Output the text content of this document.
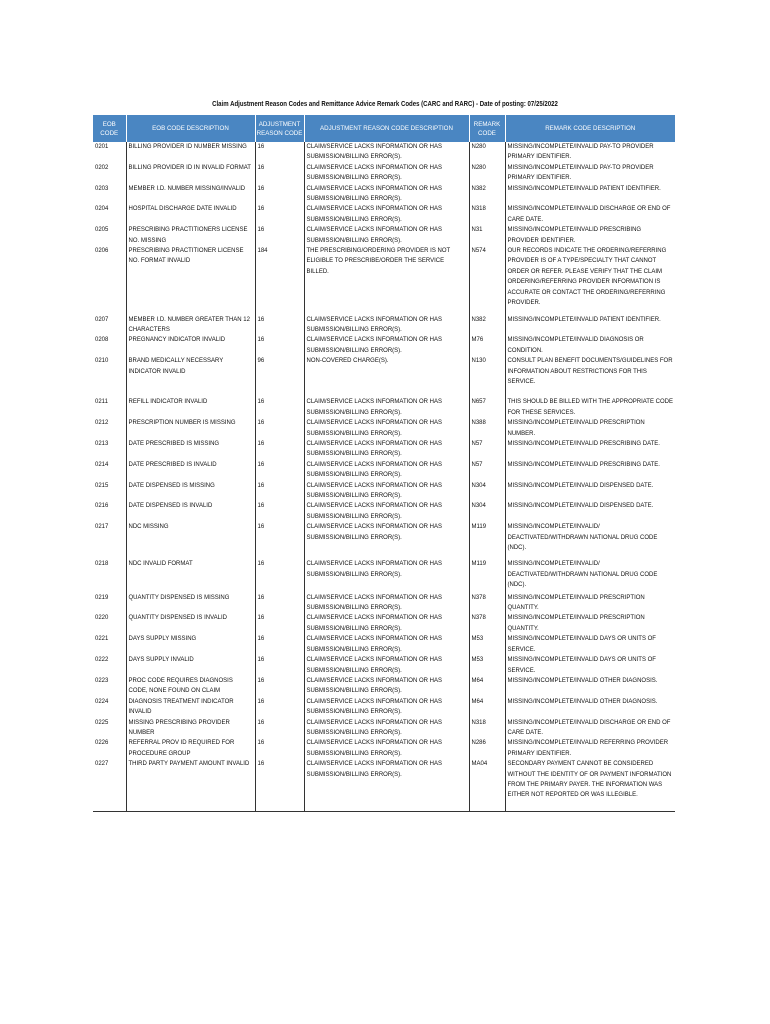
Claim Adjustment Reason Codes and Remittance Advice Remark Codes (CARC and RARC) - Date of posting: 07/25/2022
EOB CODE	EOB CODE DESCRIPTION	ADJUSTMENT REASON CODE	ADJUSTMENT REASON CODE DESCRIPTION	REMARK CODE	REMARK CODE DESCRIPTION
0201	BILLING PROVIDER ID NUMBER MISSING	16	CLAIM/SERVICE LACKS INFORMATION OR HAS SUBMISSION/BILLING ERROR(S).	N280	MISSING/INCOMPLETE/INVALID PAY-TO PROVIDER PRIMARY IDENTIFIER.
0202	BILLING PROVIDER ID IN INVALID FORMAT	16	CLAIM/SERVICE LACKS INFORMATION OR HAS SUBMISSION/BILLING ERROR(S).	N280	MISSING/INCOMPLETE/INVALID PAY-TO PROVIDER PRIMARY IDENTIFIER.
0203	MEMBER I.D. NUMBER MISSING/INVALID	16	CLAIM/SERVICE LACKS INFORMATION OR HAS SUBMISSION/BILLING ERROR(S).	N382	MISSING/INCOMPLETE/INVALID PATIENT IDENTIFIER.
0204	HOSPITAL DISCHARGE DATE INVALID	16	CLAIM/SERVICE LACKS INFORMATION OR HAS SUBMISSION/BILLING ERROR(S).	N318	MISSING/INCOMPLETE/INVALID DISCHARGE OR END OF CARE DATE.
0205	PRESCRIBING PRACTITIONERS LICENSE NO. MISSING	16	CLAIM/SERVICE LACKS INFORMATION OR HAS SUBMISSION/BILLING ERROR(S).	N31	MISSING/INCOMPLETE/INVALID PRESCRIBING PROVIDER IDENTIFIER.
0206	PRESCRIBING PRACTITIONER LICENSE NO. FORMAT INVALID	184	THE PRESCRIBING/ORDERING PROVIDER IS NOT ELIGIBLE TO PRESCRIBE/ORDER THE SERVICE BILLED.	N574	OUR RECORDS INDICATE THE ORDERING/REFERRING PROVIDER IS OF A TYPE/SPECIALTY THAT CANNOT ORDER OR REFER. PLEASE VERIFY THAT THE CLAIM ORDERING/REFERRING PROVIDER INFORMATION IS ACCURATE OR CONTACT THE ORDERING/REFERRING PROVIDER.
0207	MEMBER I.D. NUMBER GREATER THAN 12 CHARACTERS	16	CLAIM/SERVICE LACKS INFORMATION OR HAS SUBMISSION/BILLING ERROR(S).	N382	MISSING/INCOMPLETE/INVALID PATIENT IDENTIFIER.
0208	PREGNANCY INDICATOR INVALID	16	CLAIM/SERVICE LACKS INFORMATION OR HAS SUBMISSION/BILLING ERROR(S).	M76	MISSING/INCOMPLETE/INVALID DIAGNOSIS OR CONDITION.
0210	BRAND MEDICALLY NECESSARY INDICATOR INVALID	96	NON-COVERED CHARGE(S).	N130	CONSULT PLAN BENEFIT DOCUMENTS/GUIDELINES FOR INFORMATION ABOUT RESTRICTIONS FOR THIS SERVICE.
0211	REFILL INDICATOR INVALID	16	CLAIM/SERVICE LACKS INFORMATION OR HAS SUBMISSION/BILLING ERROR(S).	N657	THIS SHOULD BE BILLED WITH THE APPROPRIATE CODE FOR THESE SERVICES.
0212	PRESCRIPTION NUMBER IS MISSING	16	CLAIM/SERVICE LACKS INFORMATION OR HAS SUBMISSION/BILLING ERROR(S).	N388	MISSING/INCOMPLETE/INVALID PRESCRIPTION NUMBER.
0213	DATE PRESCRIBED IS MISSING	16	CLAIM/SERVICE LACKS INFORMATION OR HAS SUBMISSION/BILLING ERROR(S).	N57	MISSING/INCOMPLETE/INVALID PRESCRIBING DATE.
0214	DATE PRESCRIBED IS INVALID	16	CLAIM/SERVICE LACKS INFORMATION OR HAS SUBMISSION/BILLING ERROR(S).	N57	MISSING/INCOMPLETE/INVALID PRESCRIBING DATE.
0215	DATE DISPENSED IS MISSING	16	CLAIM/SERVICE LACKS INFORMATION OR HAS SUBMISSION/BILLING ERROR(S).	N304	MISSING/INCOMPLETE/INVALID DISPENSED DATE.
0216	DATE DISPENSED IS INVALID	16	CLAIM/SERVICE LACKS INFORMATION OR HAS SUBMISSION/BILLING ERROR(S).	N304	MISSING/INCOMPLETE/INVALID DISPENSED DATE.
0217	NDC MISSING	16	CLAIM/SERVICE LACKS INFORMATION OR HAS SUBMISSION/BILLING ERROR(S).	M119	MISSING/INCOMPLETE/INVALID/ DEACTIVATED/WITHDRAWN NATIONAL DRUG CODE (NDC).
0218	NDC INVALID FORMAT	16	CLAIM/SERVICE LACKS INFORMATION OR HAS SUBMISSION/BILLING ERROR(S).	M119	MISSING/INCOMPLETE/INVALID/ DEACTIVATED/WITHDRAWN NATIONAL DRUG CODE (NDC).
0219	QUANTITY DISPENSED IS MISSING	16	CLAIM/SERVICE LACKS INFORMATION OR HAS SUBMISSION/BILLING ERROR(S).	N378	MISSING/INCOMPLETE/INVALID PRESCRIPTION QUANTITY.
0220	QUANTITY DISPENSED IS INVALID	16	CLAIM/SERVICE LACKS INFORMATION OR HAS SUBMISSION/BILLING ERROR(S).	N378	MISSING/INCOMPLETE/INVALID PRESCRIPTION QUANTITY.
0221	DAYS SUPPLY MISSING	16	CLAIM/SERVICE LACKS INFORMATION OR HAS SUBMISSION/BILLING ERROR(S).	M53	MISSING/INCOMPLETE/INVALID DAYS OR UNITS OF SERVICE.
0222	DAYS SUPPLY INVALID	16	CLAIM/SERVICE LACKS INFORMATION OR HAS SUBMISSION/BILLING ERROR(S).	M53	MISSING/INCOMPLETE/INVALID DAYS OR UNITS OF SERVICE.
0223	PROC CODE REQUIRES DIAGNOSIS CODE, NONE FOUND ON CLAIM	16	CLAIM/SERVICE LACKS INFORMATION OR HAS SUBMISSION/BILLING ERROR(S).	M64	MISSING/INCOMPLETE/INVALID OTHER DIAGNOSIS.
0224	DIAGNOSIS TREATMENT INDICATOR INVALID	16	CLAIM/SERVICE LACKS INFORMATION OR HAS SUBMISSION/BILLING ERROR(S).	M64	MISSING/INCOMPLETE/INVALID OTHER DIAGNOSIS.
0225	MISSING PRESCRIBING PROVIDER NUMBER	16	CLAIM/SERVICE LACKS INFORMATION OR HAS SUBMISSION/BILLING ERROR(S).	N318	MISSING/INCOMPLETE/INVALID DISCHARGE OR END OF CARE DATE.
0226	REFERRAL PROV ID REQUIRED FOR PROCEDURE GROUP	16	CLAIM/SERVICE LACKS INFORMATION OR HAS SUBMISSION/BILLING ERROR(S).	N286	MISSING/INCOMPLETE/INVALID REFERRING PROVIDER PRIMARY IDENTIFIER.
0227	THIRD PARTY PAYMENT AMOUNT INVALID	16	CLAIM/SERVICE LACKS INFORMATION OR HAS SUBMISSION/BILLING ERROR(S).	MA04	SECONDARY PAYMENT CANNOT BE CONSIDERED WITHOUT THE IDENTITY OF OR PAYMENT INFORMATION FROM THE PRIMARY PAYER. THE INFORMATION WAS EITHER NOT REPORTED OR WAS ILLEGIBLE.
